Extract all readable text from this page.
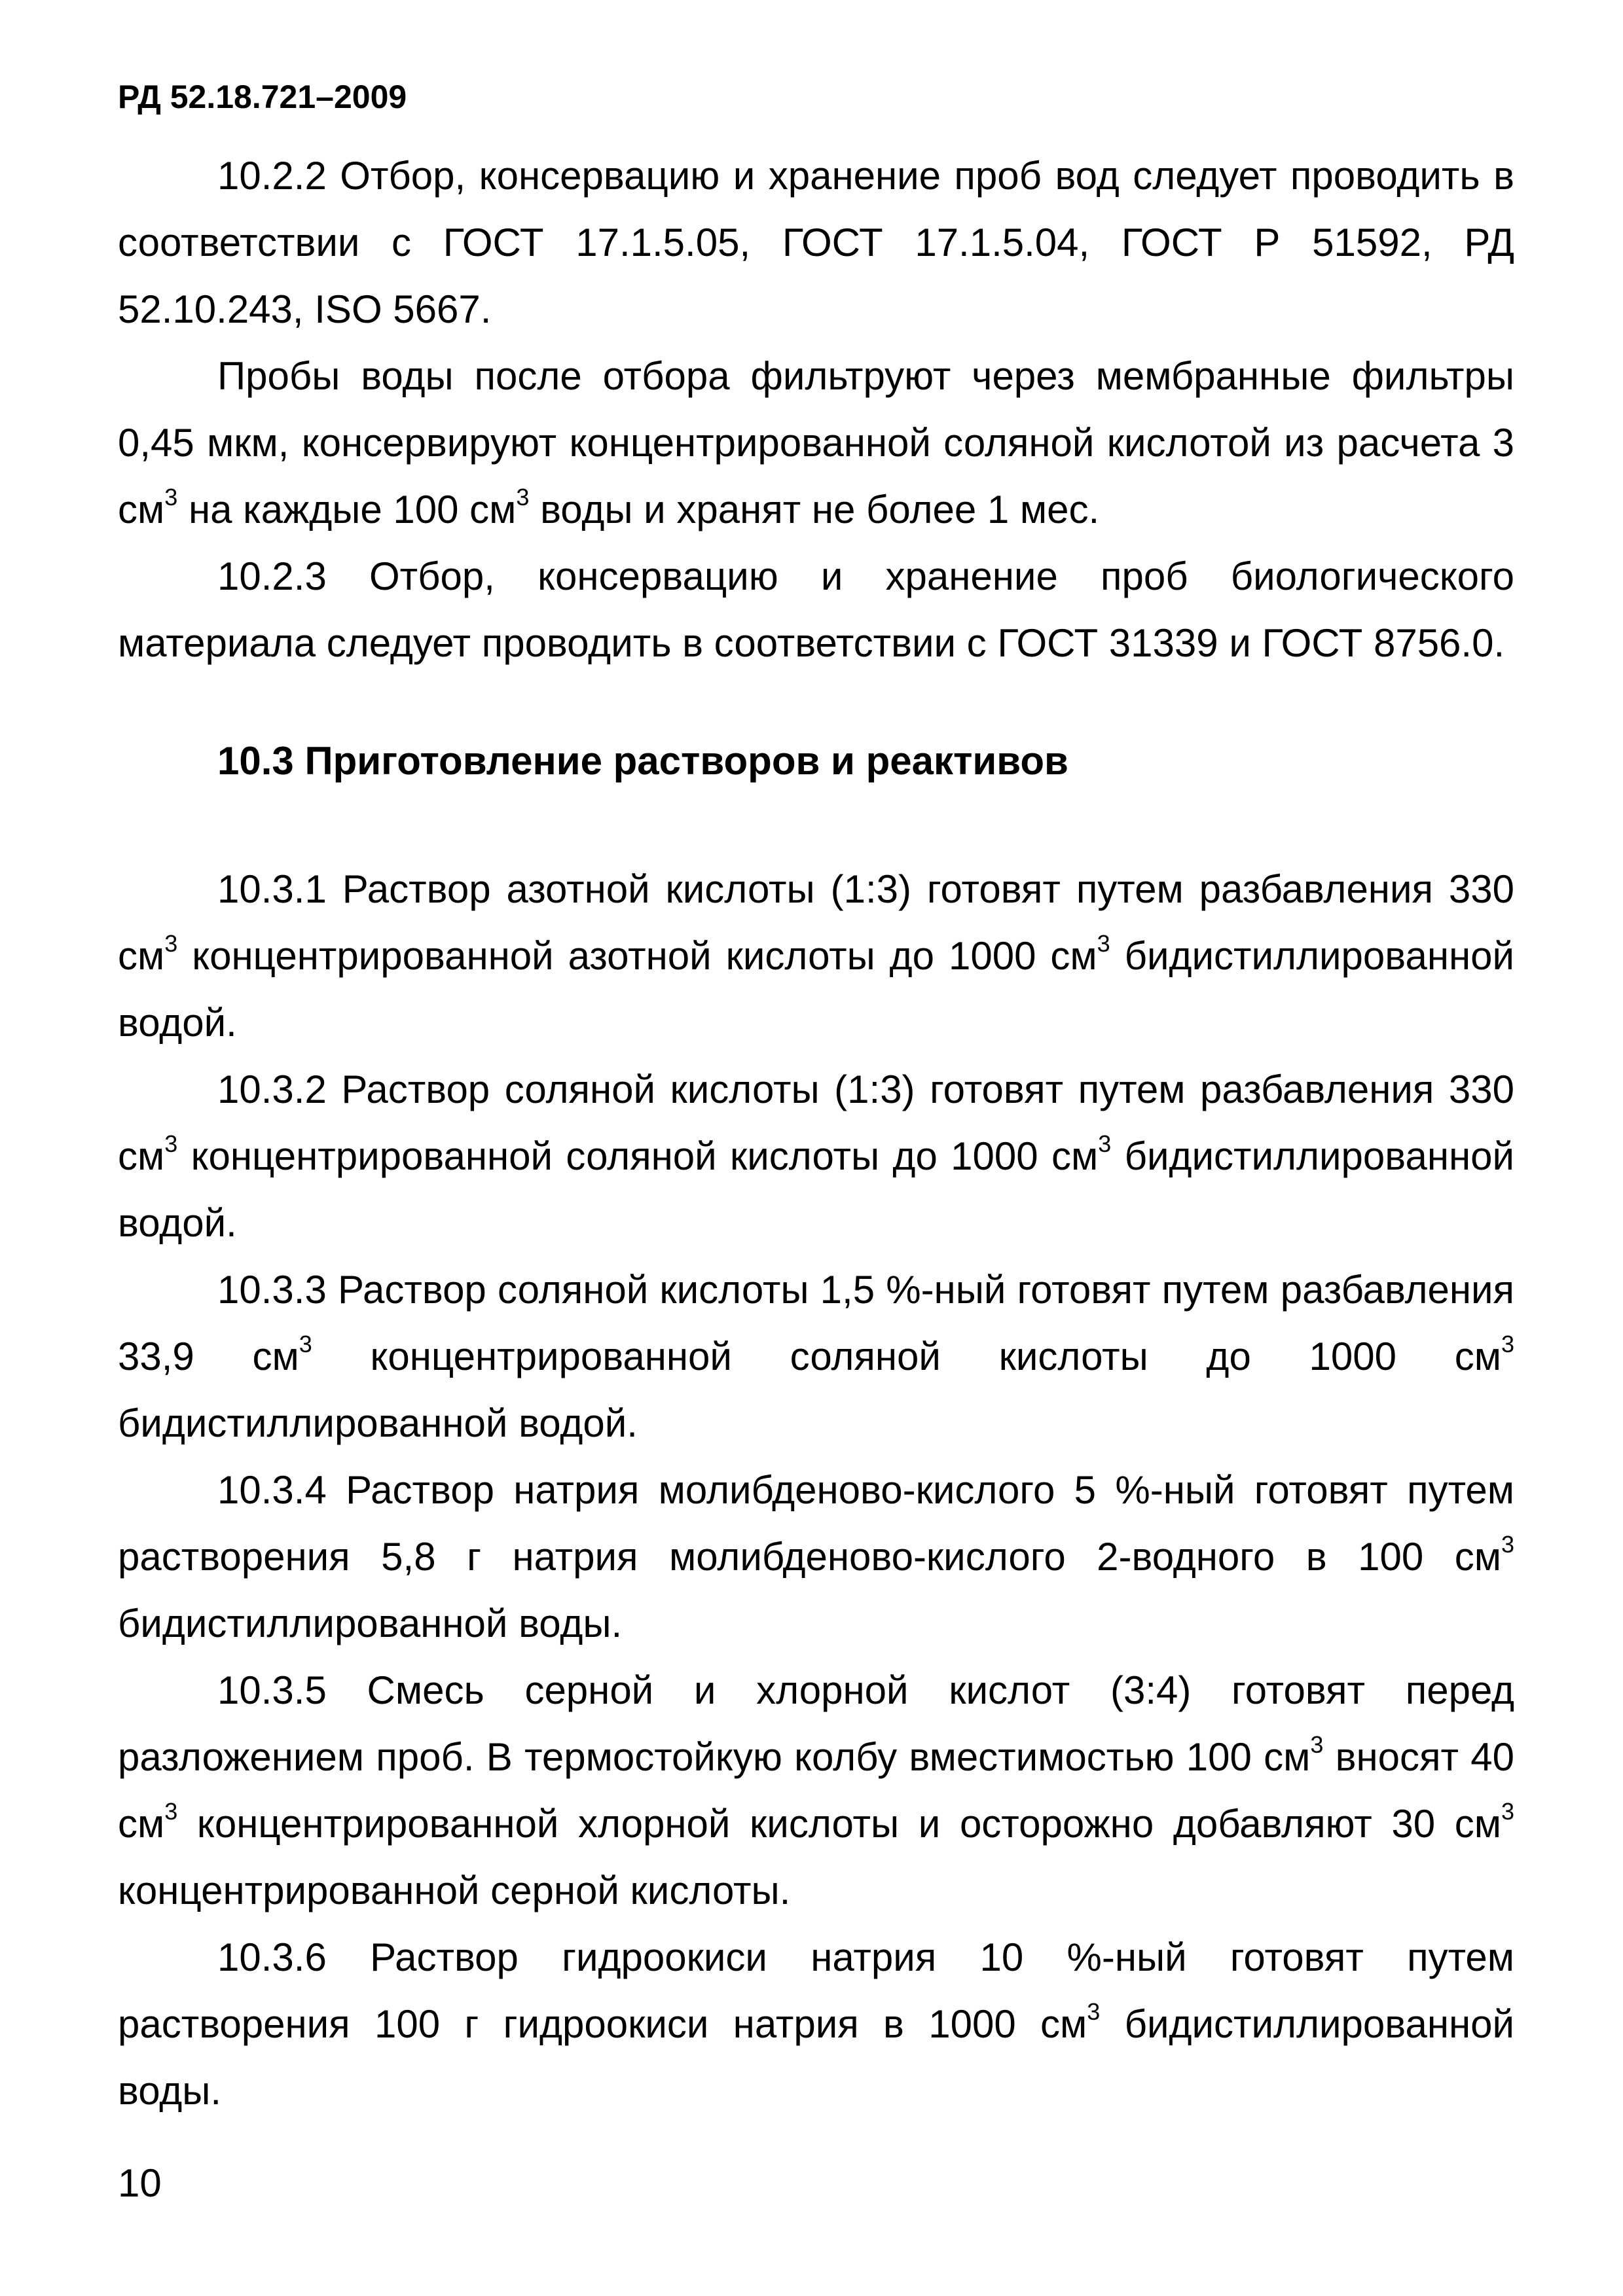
РД 52.18.721–2009

10.2.2 Отбор, консервацию и хранение проб вод следует проводить в соответствии с ГОСТ 17.1.5.05, ГОСТ 17.1.5.04, ГОСТ Р 51592, РД 52.10.243, ISO 5667.

Пробы воды после отбора фильтруют через мембранные фильтры 0,45 мкм, консервируют концентрированной соляной кислотой из расчета 3 $см^3$ на каждые 100 $см^3$ воды и хранят не более 1 мес.

10.2.3 Отбор, консервацию и хранение проб биологического материала следует проводить в соответствии с ГОСТ 31339 и ГОСТ 8756.0.

10.3 Приготовление растворов и реактивов

10.3.1 Раствор азотной кислоты (1:3) готовят путем разбавления 330 $см^3$ концентрированной азотной кислоты до 1000 $см^3$ бидистиллированной водой.

10.3.2 Раствор соляной кислоты (1:3) готовят путем разбавления 330 $см^3$ концентрированной соляной кислоты до 1000 $см^3$ бидистиллированной водой.

10.3.3 Раствор соляной кислоты 1,5 %-ный готовят путем разбавления 33,9 $см^3$ концентрированной соляной кислоты до 1000 $см^3$ бидистиллированной водой.

10.3.4 Раствор натрия молибденово-кислого 5 %-ный готовят путем растворения 5,8 г натрия молибденово-кислого 2-водного в 100 $см^3$ бидистиллированной воды.

10.3.5 Смесь серной и хлорной кислот (3:4) готовят перед разложением проб. В термостойкую колбу вместимостью 100 $см^3$ вносят 40 $см^3$ концентрированной хлорной кислоты и осторожно добавляют 30 $см^3$ концентрированной серной кислоты.

10.3.6 Раствор гидроокиси натрия 10 %-ный готовят путем растворения 100 г гидроокиси натрия в 1000 $см^3$ бидистиллированной воды.

10
